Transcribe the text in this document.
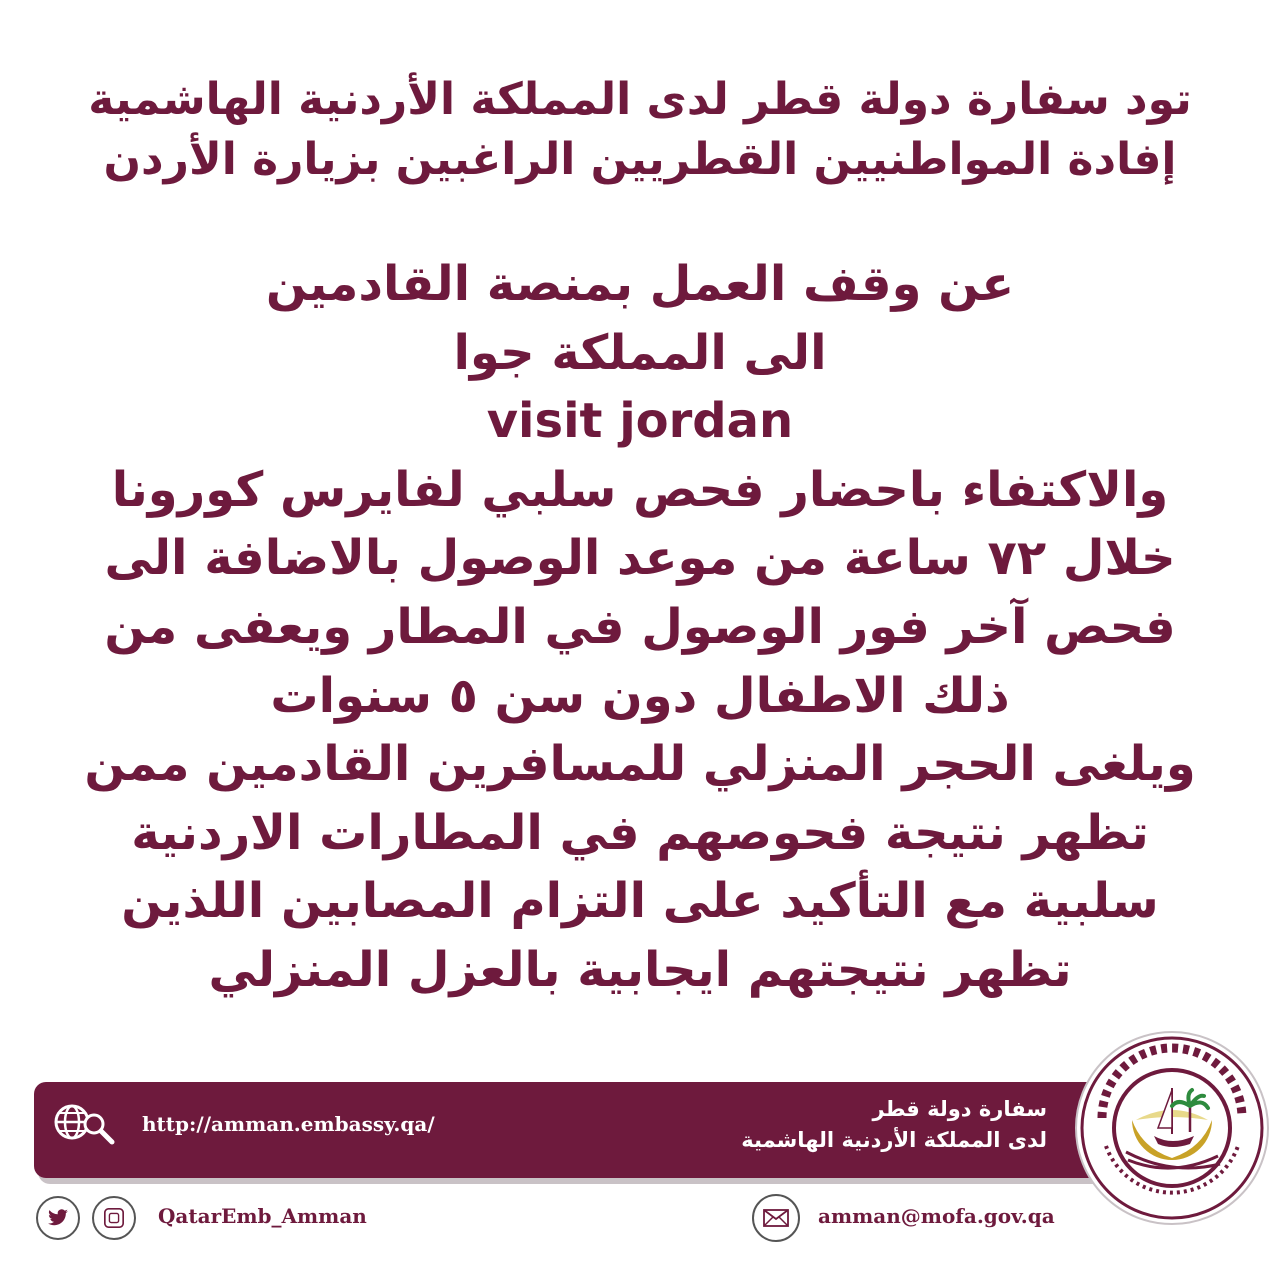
تود سفارة دولة قطر لدى المملكة الأردنية الهاشمية
إفادة المواطنيين القطريين الراغبين بزيارة الأردن
عن وقف العمل بمنصة القادمين
الى المملكة جوا
visit jordan
والاكتفاء باحضار فحص سلبي لفايرس كورونا
خلال ٧٢ ساعة من موعد الوصول بالاضافة الى
فحص آخر فور الوصول في المطار ويعفى من
ذلك الاطفال دون سن ٥ سنوات
ويلغى الحجر المنزلي للمسافرين القادمين ممن
تظهر نتيجة فحوصهم في المطارات الاردنية
سلبية مع التأكيد على التزام المصابين اللذين
تظهر نتيجتهم ايجابية بالعزل المنزلي
http://amman.embassy.qa/
سفارة دولة قطر
لدى المملكة الأردنية الهاشمية
QatarEmb_Amman	amman@mofa.gov.qa
